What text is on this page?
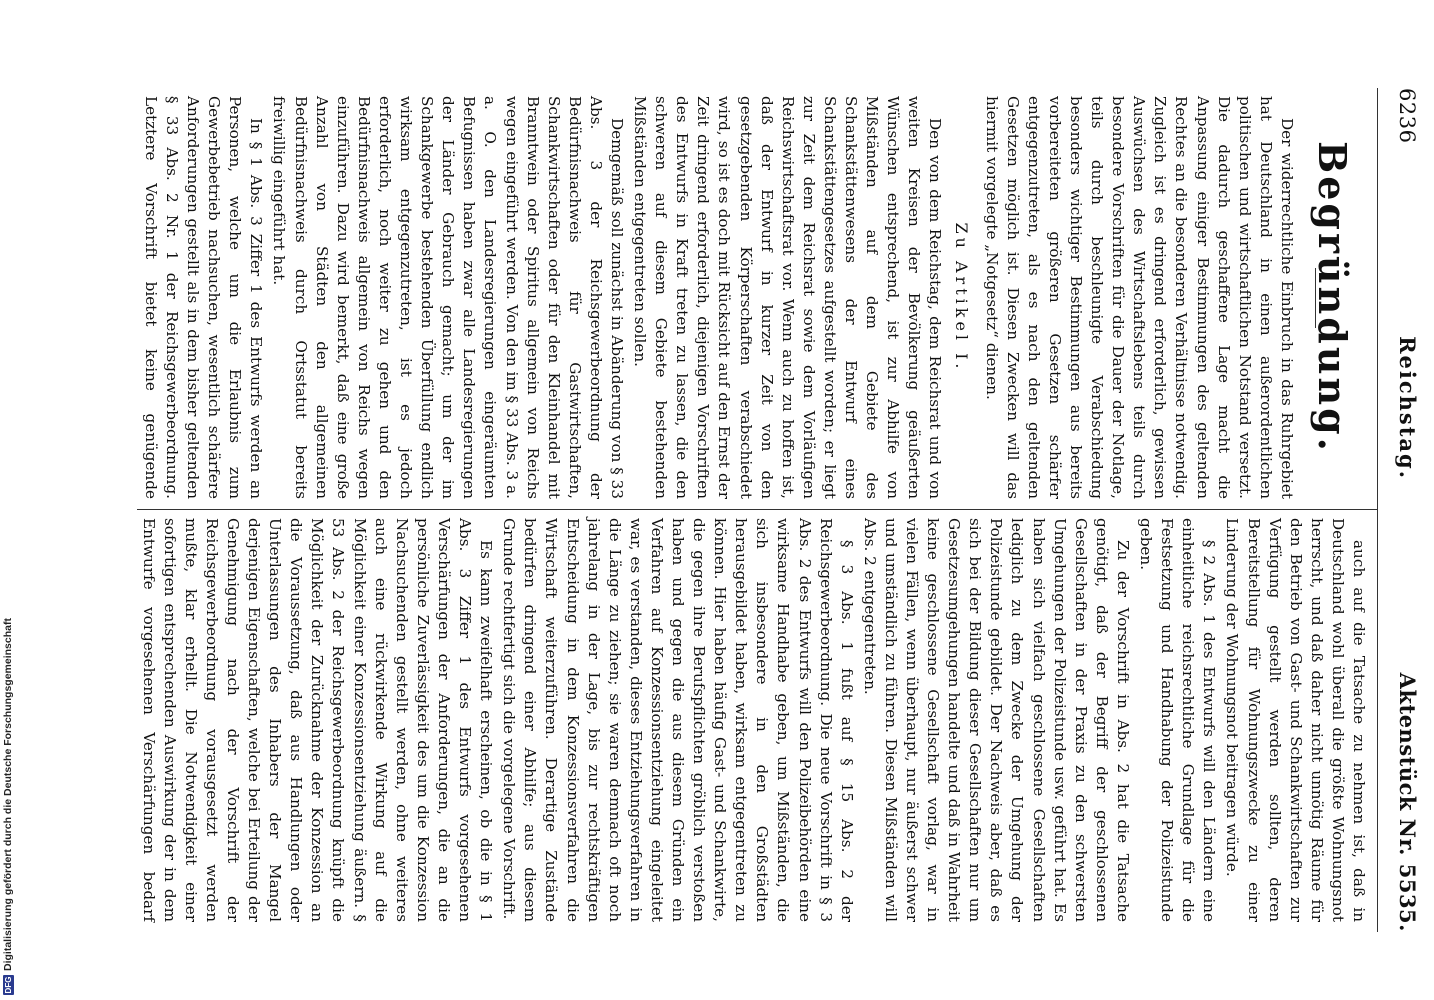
6236
Reichstag.
Aktenstück Nr. 5535.
Begründung.

Der widerrechtliche Einbruch in das Ruhrgebiet hat Deutschland in einen außerordentlichen politischen und wirtschaftlichen Notstand versetzt. Die dadurch geschaffene Lage macht die Anpassung einiger Bestimmungen des geltenden Rechtes an die besonderen Verhältnisse notwendig. Zugleich ist es dringend erforderlich, gewissen Auswüchsen des Wirtschaftslebens teils durch besondere Vorschriften für die Dauer der Notlage, teils durch beschleunigte Verabschiedung besonders wichtiger Bestimmungen aus bereits vorbereiteten größeren Gesetzen schärfer entgegenzutreten, als es nach den geltenden Gesetzen möglich ist. Diesen Zwecken will das hiermit vorgelegte „Notgesetz“ dienen.

Zu Artikel I.

Den von dem Reichstag, dem Reichsrat und von weiten Kreisen der Bevölkerung geäußerten Wünschen entsprechend, ist zur Abhilfe von Mißständen auf dem Gebiete des Schankstättenwesens der Entwurf eines Schankstättengesetzes aufgestellt worden; er liegt zur Zeit dem Reichsrat sowie dem Vorläufigen Reichswirtschaftsrat vor. Wenn auch zu hoffen ist, daß der Entwurf in kurzer Zeit von den gesetzgebenden Körperschaften verabschiedet wird, so ist es doch mit Rücksicht auf den Ernst der Zeit dringend erforderlich, diejenigen Vorschriften des Entwurfs in Kraft treten zu lassen, die den schweren auf diesem Gebiete bestehenden Mißständen entgegentreten sollen.

Demgemäß soll zunächst in Abänderung von § 33 Abs. 3 der Reichsgewerbeordnung der Bedürfnisnachweis für Gastwirtschaften, Schankwirtschaften oder für den Kleinhandel mit Branntwein oder Spiritus allgemein von Reichs wegen eingeführt werden. Von den im § 33 Abs. 3 a. a. O. den Landesregierungen eingeräumten Befugnissen haben zwar alle Landesregierungen der Länder Gebrauch gemacht; um der im Schankgewerbe bestehenden Überfüllung endlich wirksam entgegenzutreten, ist es jedoch erforderlich, noch weiter zu gehen und den Bedürfnisnachweis allgemein von Reichs wegen einzuführen. Dazu wird bemerkt, daß eine große Anzahl von Städten den allgemeinen Bedürfnisnachweis durch Ortsstatut bereits freiwillig eingeführt hat.

In § 1 Abs. 3 Ziffer 1 des Entwurfs werden an Personen, welche um die Erlaubnis zum Gewerbebetrieb nachsuchen, wesentlich schärfere Anforderungen gestellt als in dem bisher geltenden § 33 Abs. 2 Nr. 1 der Reichsgewerbeordnung. Letztere Vorschrift bietet keine genügende

auch auf die Tatsache zu nehmen ist, daß in Deutschland wohl überall die größte Wohnungsnot herrscht, und daß daher nicht unnötig Räume für den Betrieb von Gast- und Schankwirtschaften zur Verfügung gestellt werden sollten, deren Bereitstellung für Wohnungszwecke zu einer Linderung der Wohnungsnot beitragen würde.

§ 2 Abs. 1 des Entwurfs will den Ländern eine einheitliche reichsrechtliche Grundlage für die Festsetzung und Handhabung der Polizeistunde geben.

Zu der Vorschrift in Abs. 2 hat die Tatsache genötigt, daß der Begriff der geschlossenen Gesellschaften in der Praxis zu den schwersten Umgehungen der Polizeistunde usw. geführt hat. Es haben sich vielfach geschlossene Gesellschaften lediglich zu dem Zwecke der Umgehung der Polizeistunde gebildet. Der Nachweis aber, daß es sich bei der Bildung dieser Gesellschaften nur um Gesetzesumgehungen handelte und daß in Wahrheit keine geschlossene Gesellschaft vorlag, war in vielen Fällen, wenn überhaupt, nur äußerst schwer und umständlich zu führen. Diesen Mißständen will Abs. 2 entgegentreten.

§ 3 Abs. 1 fußt auf § 15 Abs. 2 der Reichsgewerbeordnung. Die neue Vorschrift in § 3 Abs. 2 des Entwurfs will den Polizeibehörden eine wirksame Handhabe geben, um Mißständen, die sich insbesondere in den Großstädten herausgebildet haben, wirksam entgegentreten zu können. Hier haben häufig Gast- und Schankwirte, die gegen ihre Berufspflichten gröblich verstoßen haben und gegen die aus diesem Gründen ein Verfahren auf Konzessionsentziehung eingeleitet war, es verstanden, dieses Entziehungsverfahren in die Länge zu ziehen; sie waren demnach oft noch jahrelang in der Lage, bis zur rechtskräftigen Entscheidung in dem Konzessionsverfahren die Wirtschaft weiterzuführen. Derartige Zustände bedürfen dringend einer Abhilfe; aus diesem Grunde rechtfertigt sich die vorgelegene Vorschrift.

Es kann zweifelhaft erscheinen, ob die in § 1 Abs. 3 Ziffer 1 des Entwurfs vorgesehenen Verschärfungen der Anforderungen, die an die persönliche Zuverlässigkeit des um die Konzession Nachsuchenden gestellt werden, ohne weiteres auch eine rückwirkende Wirkung auf die Möglichkeit einer Konzessionsentziehung äußern. § 53 Abs. 2 der Reichsgewerbeordnung knüpft die Möglichkeit der Zurücknahme der Konzession an die Voraussetzung, daß aus Handlungen oder Unterlassungen des Inhabers der Mangel derjenigen Eigenschaften, welche bei Erteilung der Genehmigung nach der Vorschrift der Reichsgewerbeordnung vorausgesetzt werden mußte, klar erhellt. Die Notwendigkeit einer sofortigen entsprechenden Auswirkung der in dem Entwurfe vorgesehenen Verschärfungen bedarf

DFG
Digitalisierung gefördert durch die Deutsche Forschungsgemeinschaft
